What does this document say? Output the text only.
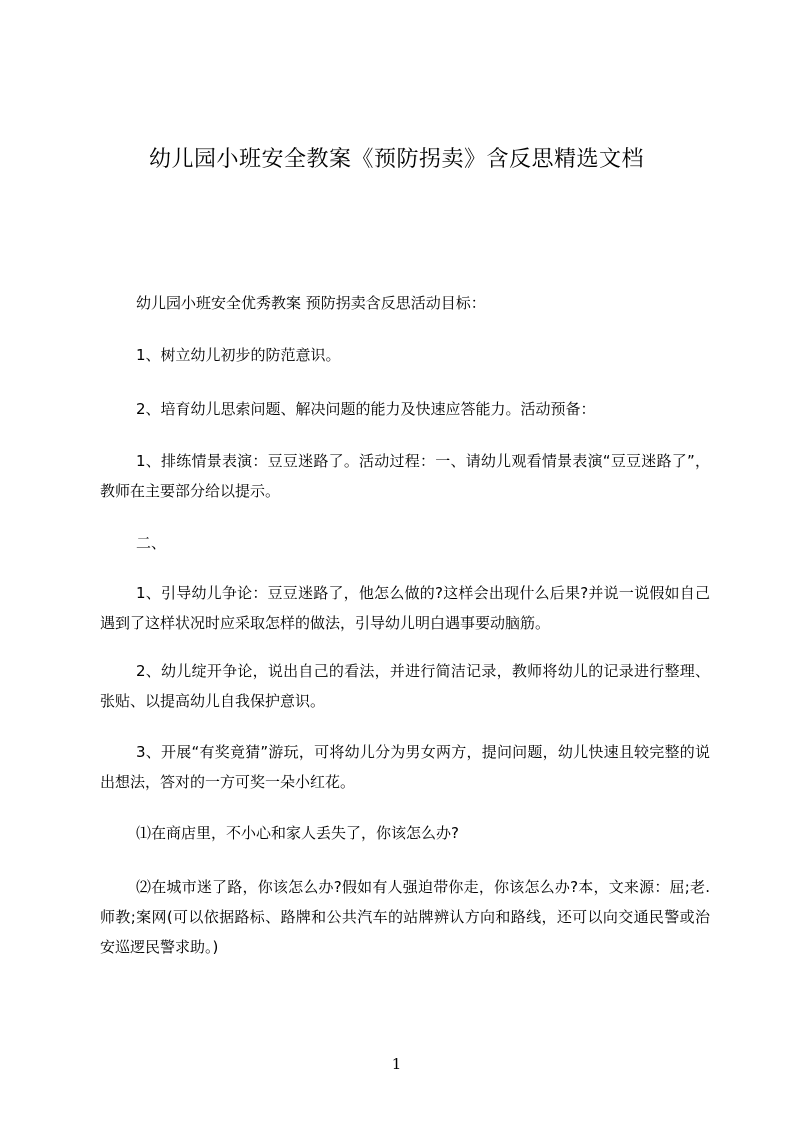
幼儿园小班安全教案《预防拐卖》含反思精选文档

幼儿园小班安全优秀教案 预防拐卖含反思活动目标：

1、树立幼儿初步的防范意识。

2、培育幼儿思索问题、解决问题的能力及快速应答能力。活动预备：

1、排练情景表演：豆豆迷路了。活动过程：一、请幼儿观看情景表演“豆豆迷路了”，教师在主要部分给以提示。

二、

1、引导幼儿争论：豆豆迷路了，他怎么做的?这样会出现什么后果?并说一说假如自己遇到了这样状况时应采取怎样的做法，引导幼儿明白遇事要动脑筋。

2、幼儿绽开争论，说出自己的看法，并进行简洁记录，教师将幼儿的记录进行整理、张贴、以提高幼儿自我保护意识。

3、开展“有奖竟猜”游玩，可将幼儿分为男女两方，提问问题，幼儿快速且较完整的说出想法，答对的一方可奖一朵小红花。

⑴在商店里，不小心和家人丢失了，你该怎么办?

⑵在城市迷了路，你该怎么办?假如有人强迫带你走，你该怎么办?本，文来源：屈;老.师教;案网(可以依据路标、路牌和公共汽车的站牌辨认方向和路线，还可以向交通民警或治安巡逻民警求助。)

1
